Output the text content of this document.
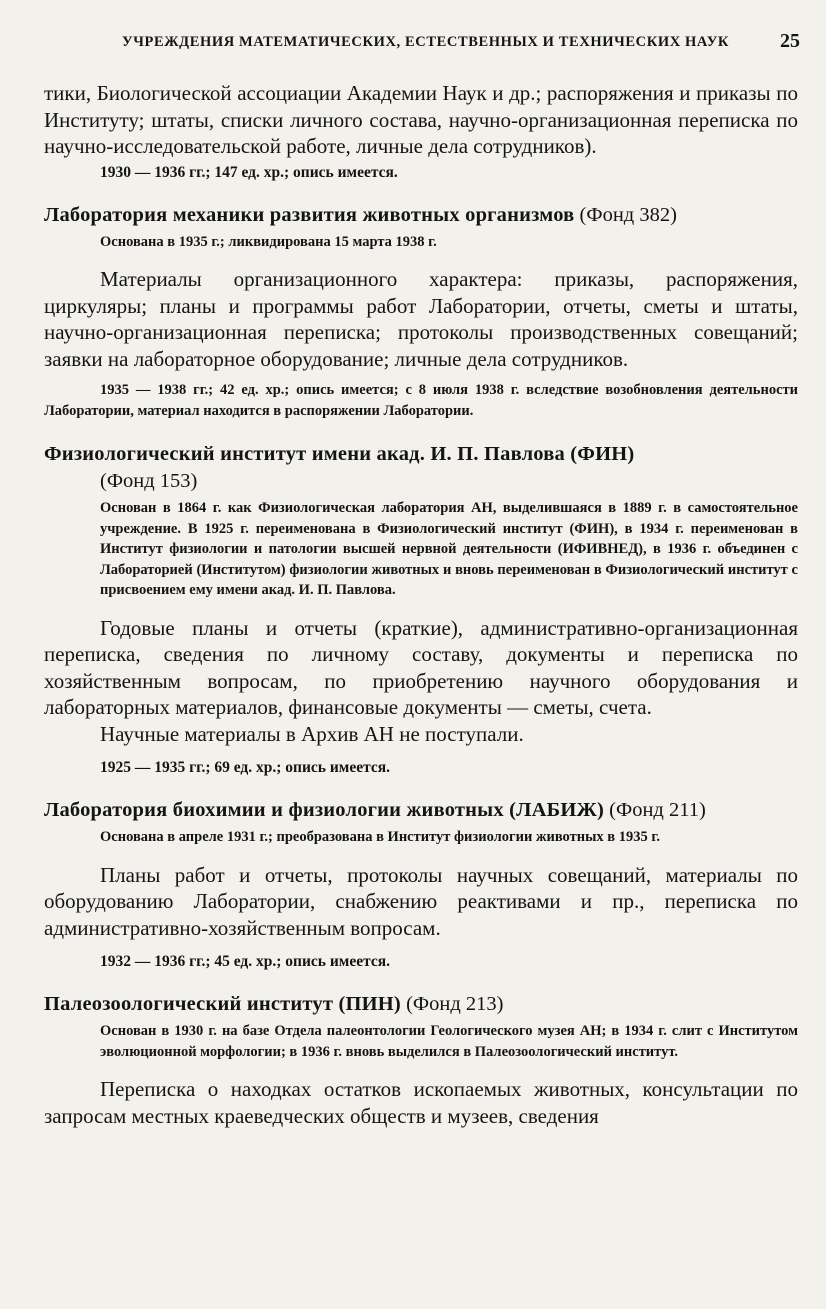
УЧРЕЖДЕНИЯ МАТЕМАТИЧЕСКИХ, ЕСТЕСТВЕННЫХ И ТЕХНИЧЕСКИХ НАУК	25

тики, Биологической ассоциации Академии Наук и др.; распоряжения и приказы по Институту; штаты, списки личного состава, научно-организационная переписка по научно-исследовательской работе, личные дела сотрудников).

1930 — 1936 гг.; 147 ед. хр.; опись имеется.

Лаборатория механики развития животных организмов (Фонд 382)

Основана в 1935 г.; ликвидирована 15 марта 1938 г.

Материалы организационного характера: приказы, распоряжения, циркуляры; планы и программы работ Лаборатории, отчеты, сметы и штаты, научно-организационная переписка; протоколы производственных совещаний; заявки на лабораторное оборудование; личные дела сотрудников.

1935 — 1938 гг.; 42 ед. хр.; опись имеется; с 8 июля 1938 г. вследствие возобновления деятельности Лаборатории, материал находится в распоряжении Лаборатории.

Физиологический институт имени акад. И. П. Павлова (ФИН)
(Фонд 153)

Основан в 1864 г. как Физиологическая лаборатория АН, выделившаяся в 1889 г. в самостоятельное учреждение. В 1925 г. переименована в Физиологический институт (ФИН), в 1934 г. переименован в Институт физиологии и патологии высшей нервной деятельности (ИФИВНЕД), в 1936 г. объединен с Лабораторией (Институтом) физиологии животных и вновь переименован в Физиологический институт с присвоением ему имени акад. И. П. Павлова.

Годовые планы и отчеты (краткие), административно-организационная переписка, сведения по личному составу, документы и переписка по хозяйственным вопросам, по приобретению научного оборудования и лабораторных материалов, финансовые документы — сметы, счета.

Научные материалы в Архив АН не поступали.

1925 — 1935 гг.; 69 ед. хр.; опись имеется.

Лаборатория биохимии и физиологии животных (ЛАБИЖ) (Фонд 211)

Основана в апреле 1931 г.; преобразована в Институт физиологии животных в 1935 г.

Планы работ и отчеты, протоколы научных совещаний, материалы по оборудованию Лаборатории, снабжению реактивами и пр., переписка по административно-хозяйственным вопросам.

1932 — 1936 гг.; 45 ед. хр.; опись имеется.

Палеозоологический институт (ПИН) (Фонд 213)

Основан в 1930 г. на базе Отдела палеонтологии Геологического музея АН; в 1934 г. слит с Институтом эволюционной морфологии; в 1936 г. вновь выделился в Палеозоологический институт.

Переписка о находках остатков ископаемых животных, консультации по запросам местных краеведческих обществ и музеев, сведения
